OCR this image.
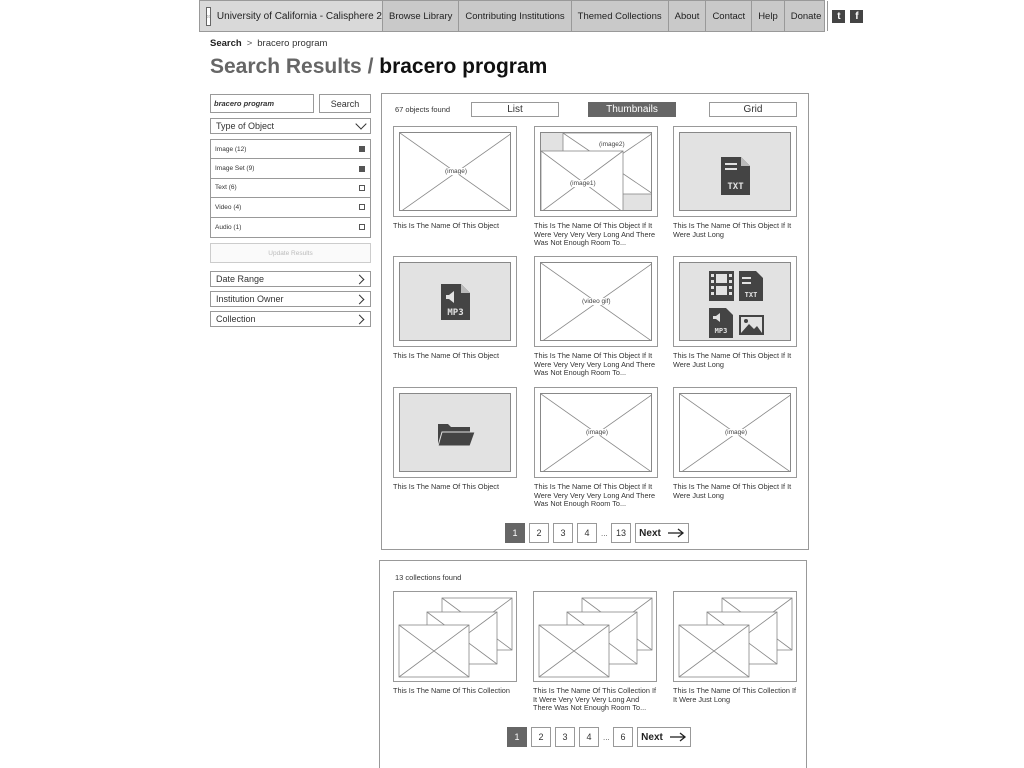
University of California - Calisphere 2 Browse Library	Contributing Institutions	Themed Collections	About	Contact	Help	Donate	t	f
Search > bracero program
Search Results / bracero program
bracero program
Search
Type of Object
Image (12)
Image Set (9)
Text (6)
Video (4)
Audio (1)
Update Results
Date Range
Institution Owner
Collection
67 objects found	List	Thumbnails	Grid
(image)
This Is The Name Of This Object
(image2)
(image1)
This Is The Name Of This Object If It Were Very Very Very Long And There Was Not Enough Room To...
TXT
This Is The Name Of This Object If It Were Just Long
MP3
This Is The Name Of This Object
(video gif)
This Is The Name Of This Object If It Were Very Very Very Long And There Was Not Enough Room To...
TXT
MP3
This Is The Name Of This Object If It Were Just Long
This Is The Name Of This Object
(image)
This Is The Name Of This Object If It Were Very Very Very Long And There Was Not Enough Room To...
(image)
This Is The Name Of This Object If It Were Just Long
1	2	3	4	... 13	Next
13 collections found
This Is The Name Of This Collection	This Is The Name Of This Collection If It Were Very Very Very Long And There Was Not Enough Room To...
This Is The Name Of This Collection If It Were Just Long
1	2	3	4	...	6	Next
